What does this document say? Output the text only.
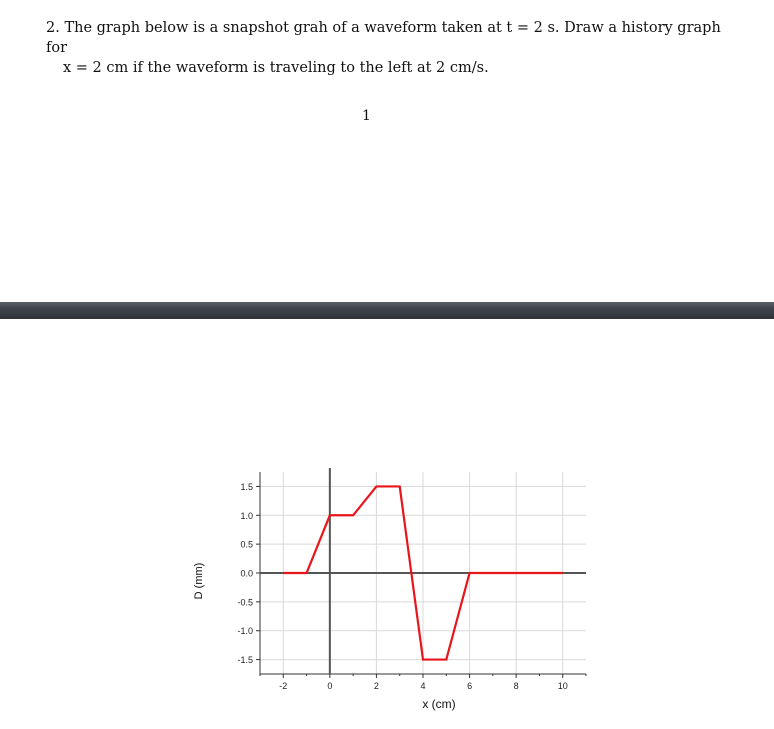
2. The graph below is a snapshot grah of a waveform taken at t = 2 s. Draw a history graph for
x = 2 cm if the waveform is traveling to the left at 2 cm/s.
1
1.5
1.0
0.5
0.0
-0.5
-1.0
-1.5
-2	0	2	4	6	8	10
x (cm)
D (mm)
